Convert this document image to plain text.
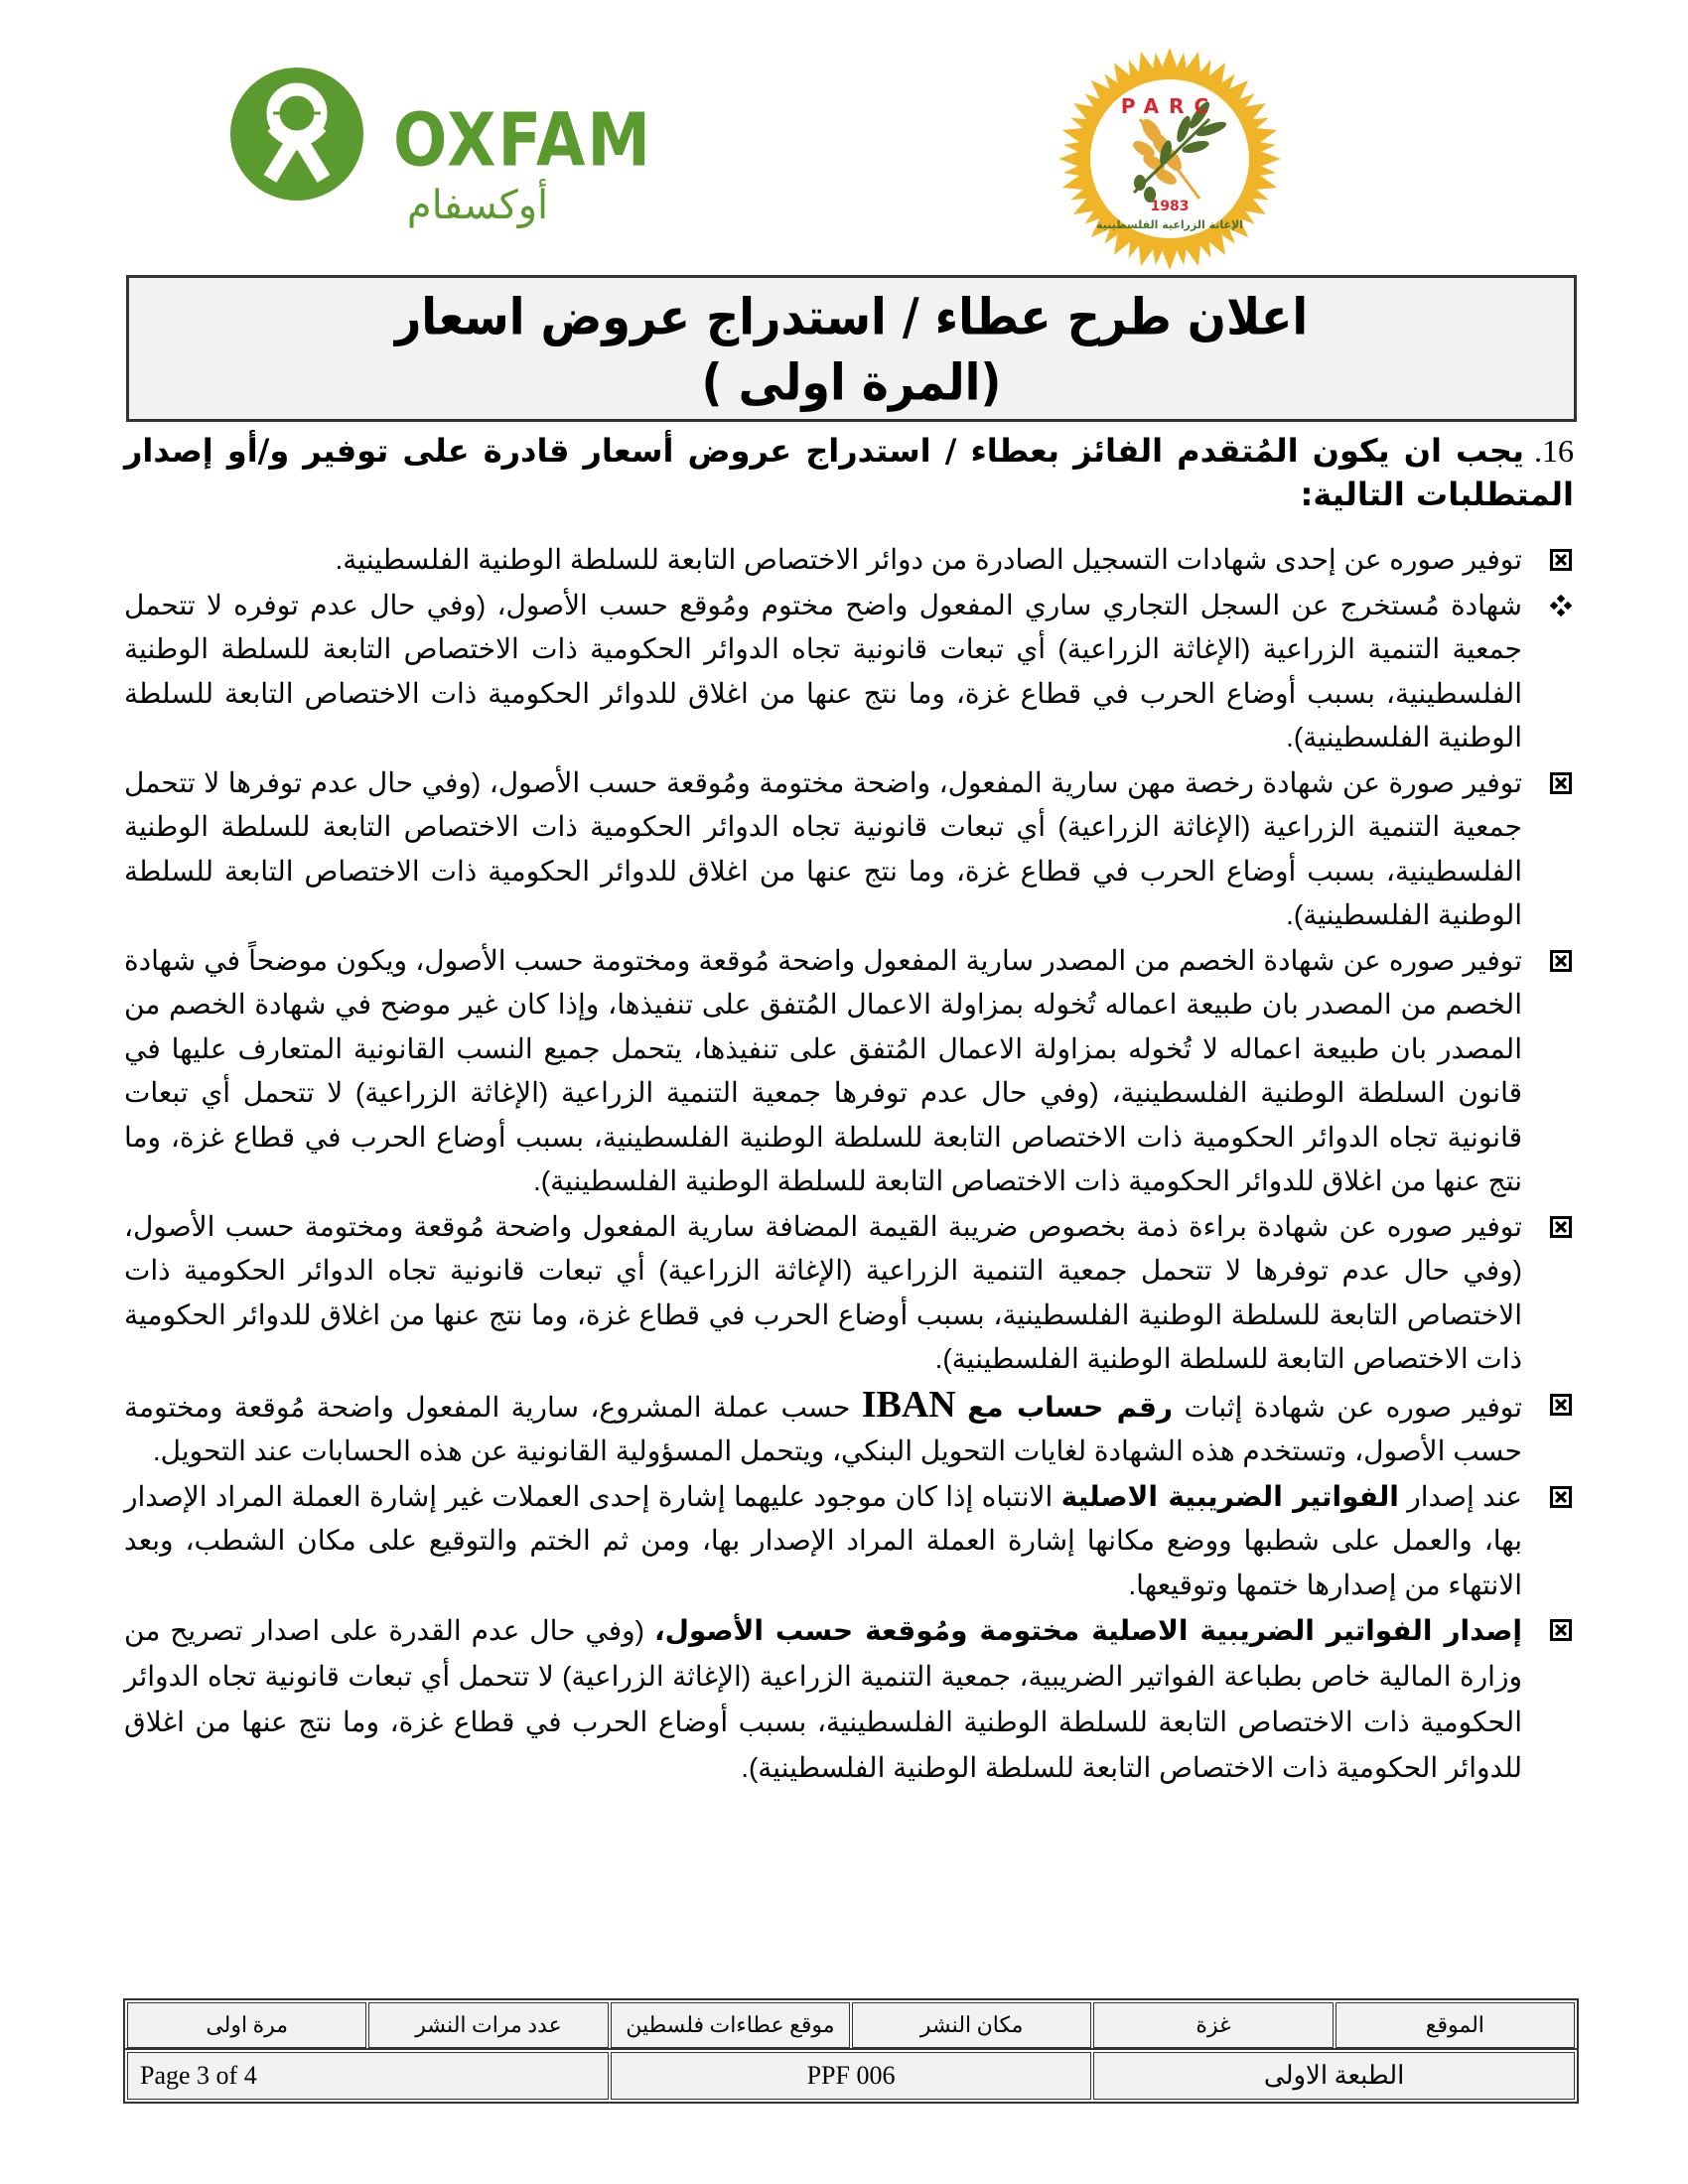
OXFAM
أوكسفام
PARC
1983
الإغاثة الزراعية الفلسطينية
اعلان طرح عطاء / استدراج عروض اسعار
(المرة اولى )

16.يجب ان يكون المُتقدم الفائز بعطاء / استدراج عروض أسعار قادرة على توفير و/أو إصدار المتطلبات التالية:

توفير صوره عن إحدى شهادات التسجيل الصادرة من دوائر الاختصاص التابعة للسلطة الوطنية الفلسطينية.
شهادة مُستخرج عن السجل التجاري ساري المفعول واضح مختوم ومُوقع حسب الأصول، (وفي حال عدم توفره لا تتحمل جمعية التنمية الزراعية (الإغاثة الزراعية) أي تبعات قانونية تجاه الدوائر الحكومية ذات الاختصاص التابعة للسلطة الوطنية الفلسطينية، بسبب أوضاع الحرب في قطاع غزة، وما نتج عنها من اغلاق للدوائر الحكومية ذات الاختصاص التابعة للسلطة الوطنية الفلسطينية).
توفير صورة عن شهادة رخصة مهن سارية المفعول، واضحة مختومة ومُوقعة حسب الأصول، (وفي حال عدم توفرها لا تتحمل جمعية التنمية الزراعية (الإغاثة الزراعية) أي تبعات قانونية تجاه الدوائر الحكومية ذات الاختصاص التابعة للسلطة الوطنية الفلسطينية، بسبب أوضاع الحرب في قطاع غزة، وما نتج عنها من اغلاق للدوائر الحكومية ذات الاختصاص التابعة للسلطة الوطنية الفلسطينية).
توفير صوره عن شهادة الخصم من المصدر سارية المفعول واضحة مُوقعة ومختومة حسب الأصول، ويكون موضحاً في شهادة الخصم من المصدر بان طبيعة اعماله تُخوله بمزاولة الاعمال المُتفق على تنفيذها، وإذا كان غير موضح في شهادة الخصم من المصدر بان طبيعة اعماله لا تُخوله بمزاولة الاعمال المُتفق على تنفيذها، يتحمل جميع النسب القانونية المتعارف عليها في قانون السلطة الوطنية الفلسطينية، (وفي حال عدم توفرها جمعية التنمية الزراعية (الإغاثة الزراعية) لا تتحمل أي تبعات قانونية تجاه الدوائر الحكومية ذات الاختصاص التابعة للسلطة الوطنية الفلسطينية، بسبب أوضاع الحرب في قطاع غزة، وما نتج عنها من اغلاق للدوائر الحكومية ذات الاختصاص التابعة للسلطة الوطنية الفلسطينية).
توفير صوره عن شهادة براءة ذمة بخصوص ضريبة القيمة المضافة سارية المفعول واضحة مُوقعة ومختومة حسب الأصول، (وفي حال عدم توفرها لا تتحمل جمعية التنمية الزراعية (الإغاثة الزراعية) أي تبعات قانونية تجاه الدوائر الحكومية ذات الاختصاص التابعة للسلطة الوطنية الفلسطينية، بسبب أوضاع الحرب في قطاع غزة، وما نتج عنها من اغلاق للدوائر الحكومية ذات الاختصاص التابعة للسلطة الوطنية الفلسطينية).
توفير صوره عن شهادة إثبات رقم حساب مع IBAN حسب عملة المشروع، سارية المفعول واضحة مُوقعة ومختومة حسب الأصول، وتستخدم هذه الشهادة لغايات التحويل البنكي، ويتحمل المسؤولية القانونية عن هذه الحسابات عند التحويل.
عند إصدار الفواتير الضريبية الاصلية الانتباه إذا كان موجود عليهما إشارة إحدى العملات غير إشارة العملة المراد الإصدار بها، والعمل على شطبها ووضع مكانها إشارة العملة المراد الإصدار بها، ومن ثم الختم والتوقيع على مكان الشطب، وبعد الانتهاء من إصدارها ختمها وتوقيعها.
إصدار الفواتير الضريبية الاصلية مختومة ومُوقعة حسب الأصول، (وفي حال عدم القدرة على اصدار تصريح من وزارة المالية خاص بطباعة الفواتير الضريبية، جمعية التنمية الزراعية (الإغاثة الزراعية) لا تتحمل أي تبعات قانونية تجاه الدوائر الحكومية ذات الاختصاص التابعة للسلطة الوطنية الفلسطينية، بسبب أوضاع الحرب في قطاع غزة، وما نتج عنها من اغلاق للدوائر الحكومية ذات الاختصاص التابعة للسلطة الوطنية الفلسطينية).
الموقع	غزة	مكان النشر	موقع عطاءات فلسطين	عدد مرات النشر	مرة اولى
الطبعة الاولى	PPF 006	Page 3 of 4
